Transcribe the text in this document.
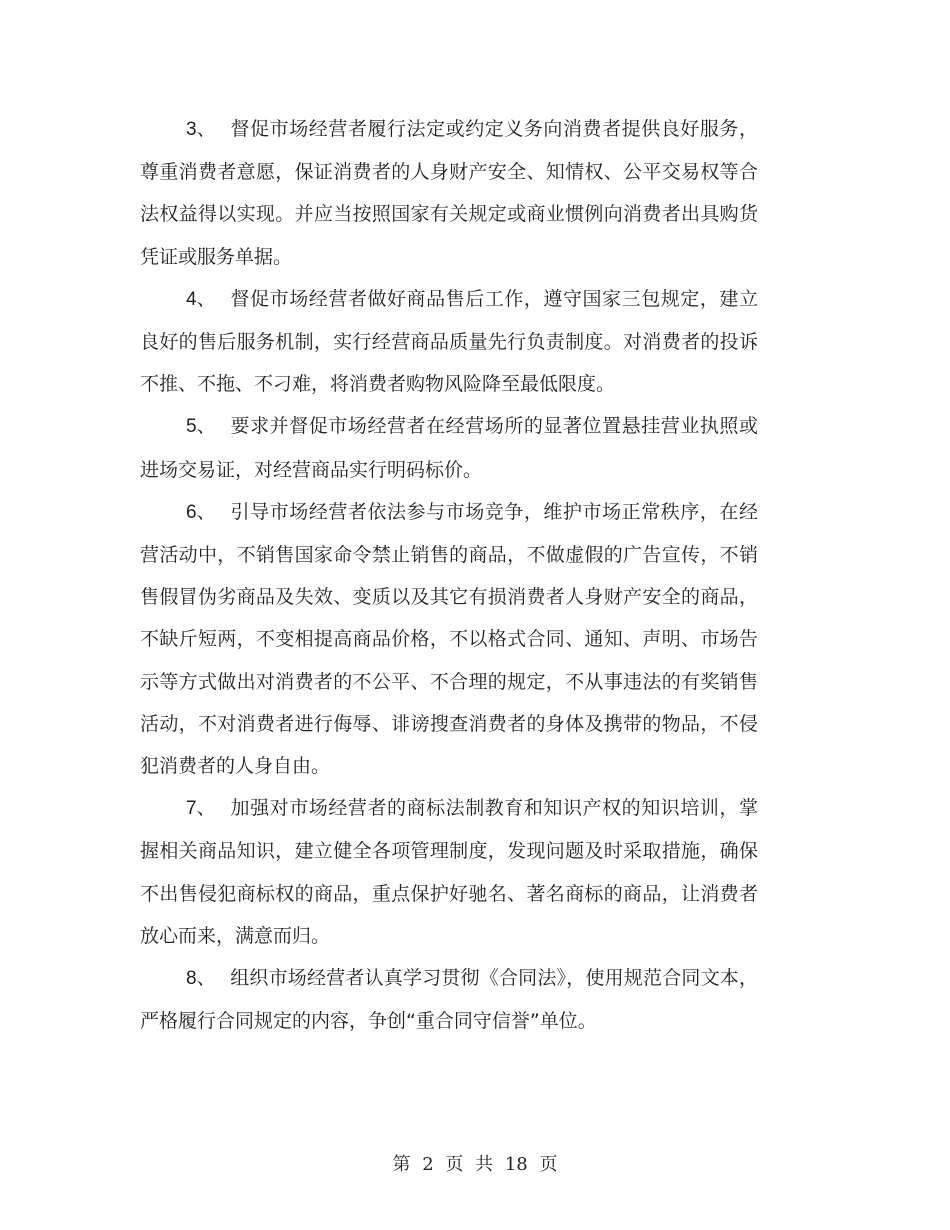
3、 督促市场经营者履行法定或约定义务向消费者提供良好服务，尊重消费者意愿，保证消费者的人身财产安全、知情权、公平交易权等合法权益得以实现。并应当按照国家有关规定或商业惯例向消费者出具购货凭证或服务单据。

4、 督促市场经营者做好商品售后工作，遵守国家三包规定，建立良好的售后服务机制，实行经营商品质量先行负责制度。对消费者的投诉不推、不拖、不刁难，将消费者购物风险降至最低限度。

5、 要求并督促市场经营者在经营场所的显著位置悬挂营业执照或进场交易证，对经营商品实行明码标价。

6、 引导市场经营者依法参与市场竞争，维护市场正常秩序，在经营活动中，不销售国家命令禁止销售的商品，不做虚假的广告宣传，不销售假冒伪劣商品及失效、变质以及其它有损消费者人身财产安全的商品，不缺斤短两，不变相提高商品价格，不以格式合同、通知、声明、市场告示等方式做出对消费者的不公平、不合理的规定，不从事违法的有奖销售活动，不对消费者进行侮辱、诽谤搜查消费者的身体及携带的物品，不侵犯消费者的人身自由。

7、 加强对市场经营者的商标法制教育和知识产权的知识培训，掌握相关商品知识，建立健全各项管理制度，发现问题及时采取措施，确保不出售侵犯商标权的商品，重点保护好驰名、著名商标的商品，让消费者放心而来，满意而归。

8、 组织市场经营者认真学习贯彻《合同法》，使用规范合同文本，严格履行合同规定的内容，争创“重合同守信誉”单位。

第 2 页 共 18 页
